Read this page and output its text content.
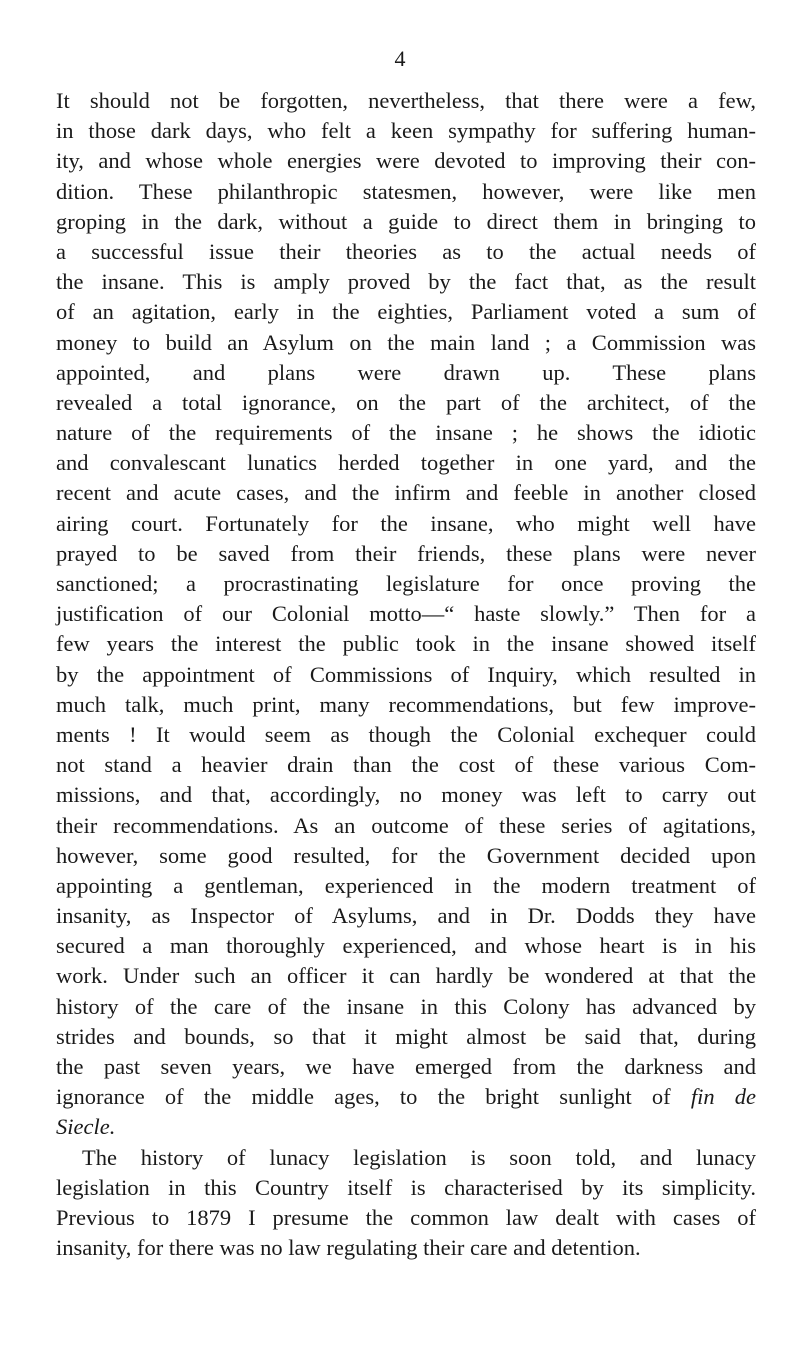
4
It should not be forgotten, nevertheless, that there were a few,
in those dark days, who felt a keen sympathy for suffering human-
ity, and whose whole energies were devoted to improving their con-
dition. These philanthropic statesmen, however, were like men
groping in the dark, without a guide to direct them in bringing to
a successful issue their theories as to the actual needs of
the insane. This is amply proved by the fact that, as the result
of an agitation, early in the eighties, Parliament voted a sum of
money to build an Asylum on the main land ; a Commission was
appointed, and plans were drawn up. These plans
revealed a total ignorance, on the part of the architect, of the
nature of the requirements of the insane ; he shows the idiotic
and convalescant lunatics herded together in one yard, and the
recent and acute cases, and the infirm and feeble in another closed
airing court. Fortunately for the insane, who might well have
prayed to be saved from their friends, these plans were never
sanctioned; a procrastinating legislature for once proving the
justification of our Colonial motto—“ haste slowly.” Then for a
few years the interest the public took in the insane showed itself
by the appointment of Commissions of Inquiry, which resulted in
much talk, much print, many recommendations, but few improve-
ments ! It would seem as though the Colonial exchequer could
not stand a heavier drain than the cost of these various Com-
missions, and that, accordingly, no money was left to carry out
their recommendations. As an outcome of these series of agitations,
however, some good resulted, for the Government decided upon
appointing a gentleman, experienced in the modern treatment of
insanity, as Inspector of Asylums, and in Dr. Dodds they have
secured a man thoroughly experienced, and whose heart is in his
work. Under such an officer it can hardly be wondered at that the
history of the care of the insane in this Colony has advanced by
strides and bounds, so that it might almost be said that, during
the past seven years, we have emerged from the darkness and
ignorance of the middle ages, to the bright sunlight of fin de
Siecle.
The history of lunacy legislation is soon told, and lunacy
legislation in this Country itself is characterised by its simplicity.
Previous to 1879 I presume the common law dealt with cases of
insanity, for there was no law regulating their care and detention.
